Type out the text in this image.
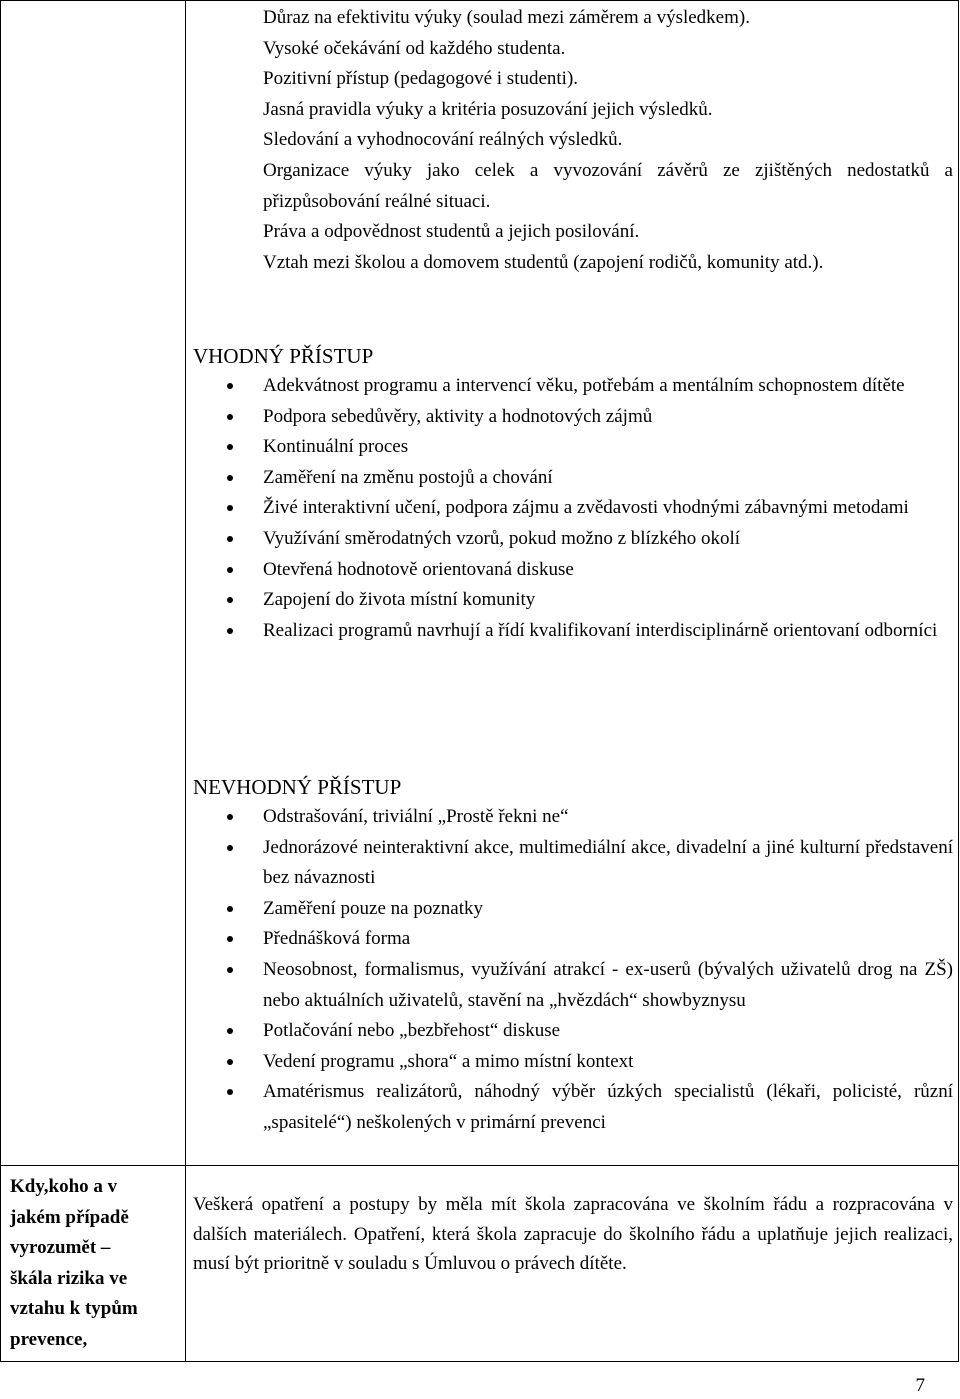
Důraz na efektivitu výuky (soulad mezi záměrem a výsledkem).
Vysoké očekávání od každého studenta.
Pozitivní přístup (pedagogové i studenti).
Jasná pravidla výuky a kritéria posuzování jejich výsledků.
Sledování a vyhodnocování reálných výsledků.
Organizace výuky jako celek a vyvozování závěrů ze zjištěných nedostatků a přizpůsobování reálné situaci.
Práva a odpovědnost studentů a jejich posilování.
Vztah mezi školou a domovem studentů (zapojení rodičů, komunity atd.).
VHODNÝ PŘÍSTUP
Adekvátnost programu a intervencí věku, potřebám a mentálním schopnostem dítěte
Podpora sebedůvěry, aktivity a hodnotových zájmů
Kontinuální proces
Zaměření na změnu postojů a chování
Živé interaktivní učení, podpora zájmu a zvědavosti vhodnými zábavnými metodami
Využívání směrodatných vzorů, pokud možno z blízkého okolí
Otevřená hodnotově orientovaná diskuse
Zapojení do života místní komunity
Realizaci programů navrhují a řídí kvalifikovaní interdisciplinárně orientovaní odborníci
NEVHODNÝ PŘÍSTUP
Odstrašování, triviální „Prostě řekni ne“
Jednorázové neinteraktivní akce, multimediální akce, divadelní a jiné kulturní představení bez návaznosti
Zaměření pouze na poznatky
Přednášková forma
Neosobnost, formalismus, využívání atrakcí - ex-userů (bývalých uživatelů drog na ZŠ) nebo aktuálních uživatelů, stavění na „hvězdách“ showbyznysu
Potlačování nebo „bezbřehost“ diskuse
Vedení programu „shora“ a mimo místní kontext
Amatérismus realizátorů, náhodný výběr úzkých specialistů (lékaři, policisté, různí „spasitelé“) neškolených v primární prevenci
Kdy,koho a v
jakém případě
vyrozumět –
škála rizika ve
vztahu k typům
prevence,
Veškerá opatření a postupy by měla mít škola zapracována ve školním řádu a rozpracována v dalších materiálech. Opatření, která škola zapracuje do školního řádu a uplatňuje jejich realizaci, musí být prioritně v souladu s Úmluvou o právech dítěte.
7
